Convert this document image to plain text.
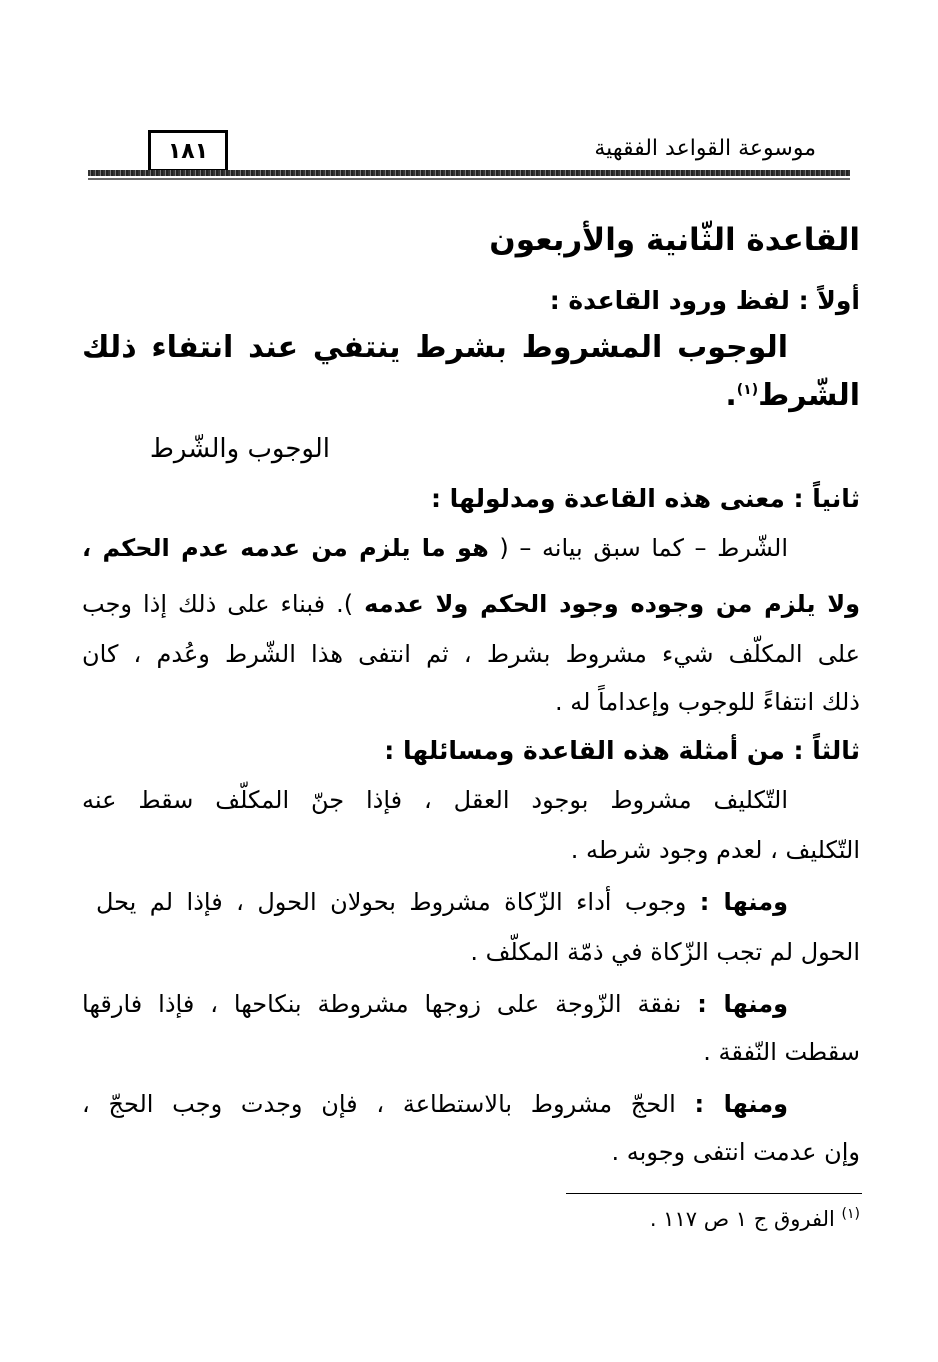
١٨١	موسوعة القواعد الفقهية
القاعدة الثّانية والأربعون
أولاً : لفظ ورود القاعدة :
الوجوب المشروط بشرط ينتفي عند انتفاء ذلك
الشّرط$^{(١)}$.
الوجوب والشّرط
ثانياً : معنى هذه القاعدة ومدلولها :
الشّرط – كما سبق بيانه – ( هو ما يلزم من عدمه عدم الحكم ،
ولا يلزم من وجوده وجود الحكم ولا عدمه ). فبناء على ذلك إذا وجب
على المكلّف شيء مشروط بشرط ، ثم انتفى هذا الشّرط وعُدم ، كان
ذلك انتفاءً للوجوب وإعداماً له .
ثالثاً : من أمثلة هذه القاعدة ومسائلها :
التّكليف مشروط بوجود العقل ، فإذا جنّ المكلّف سقط عنه
التّكليف ، لعدم وجود شرطه .
ومنها : وجوب أداء الزّكاة مشروط بحولان الحول ، فإذا لم يحل
الحول لم تجب الزّكاة في ذمّة المكلّف .
ومنها : نفقة الزّوجة على زوجها مشروطة بنكاحها ، فإذا فارقها
سقطت النّفقة .
ومنها : الحجّ مشروط بالاستطاعة ، فإن وجدت وجب الحجّ ،
وإن عدمت انتفى وجوبه .
$^{(١)}$ الفروق ج ١ ص ١١٧ .
